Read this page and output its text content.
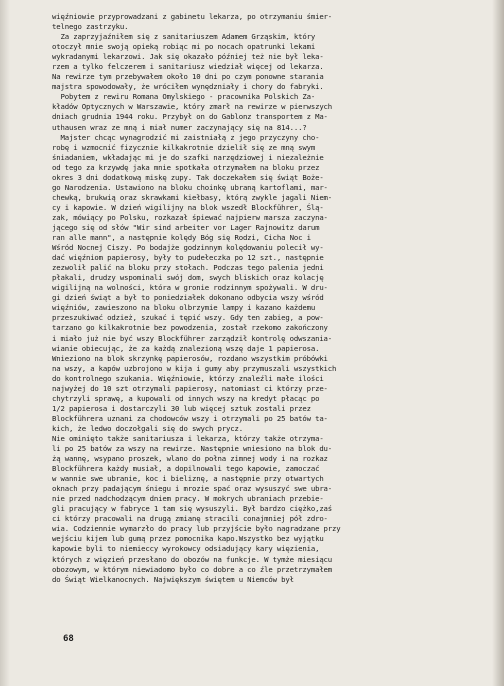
więźniowie przyprowadzani z gabinetu lekarza, po otrzymaniu śmier-
telnego zastrzyku.
Za zaprzyjaźniłem się z sanitariuszem Adamem Grząskim, który
otoczył mnie swoją opieką robiąc mi po nocach opatrunki lekami
wykradanymi lekarzowi. Jak się okazało później też nie był leka-
rzem a tylko felczerem i sanitariusz wiedział więcej od lekarza.
Na rewirze tym przebywałem około 10 dni po czym ponowne starania
majstra spowodowały, że wróciłem wynędzniały i chory do fabryki.
Pobytem z rewiru Romana Omylskiego - pracownika Polskich Za-
kładów Optycznych w Warszawie, który zmarł na rewirze w pierwszych
dniach grudnia 1944 roku. Przybył on do Gablonz transportem z Ma-
uthausen wraz ze mną i miał numer zaczynający się na 814...?
Majster chcąc wynagrodzić mi zaistniałą z jego przyczyny cho-
robę i wzmocnić fizycznie kilkakrotnie dzielił się ze mną swym
śniadaniem, wkładając mi je do szafki narzędziowej i niezależnie
od tego za krzywdę jaka mnie spotkała otrzymałem na bloku przez
okres 3 dni dodatkową miskę zupy. Tak doczekałem się świąt Boże-
go Narodzenia. Ustawiono na bloku choinkę ubraną kartoflami, mar-
chewką, brukwią oraz skrawkami kiełbasy, którą zwykle jagali Niem-
cy i kapowie. W dzień wigilijny na blok wszedł Blockführer, Ślą-
zak, mówiący po Polsku, rozkazał śpiewać najpierw marsza zaczyna-
jącego się od słów "Wir sind arbeiter vor Lager Rajnowitz darum
ran alle mann", a następnie kolędy Bóg się Rodzi, Cicha Noc i
Wśród Nocnej Ciszy. Po bodajże godzinnym kolędowaniu polecił wy-
dać więźniom papierosy, były to pudełeczka po 12 szt., następnie
zezwolił palić na bloku przy stołach. Podczas tego palenia jedni
płakali, drudzy wspominali swój dom, swych bliskich oraz kolację
wigilijną na wolności, która w gronie rodzinnym spożywali. W dru-
gi dzień świąt a był to poniedziałek dokonano odbycia wszy wśród
więźniów, zawieszono na bloku olbrzymie lampy i kazano każdemu
przeszukiwać odzież, szukać i tępić wszy. Gdy ten zabieg, a pow-
tarzano go kilkakrotnie bez powodzenia, został rzekomo zakończony
i miało już nie być wszy Blockführer zarządził kontrolę odwszania-
wianie obiecując, że za każdą znalezioną wszę daje 1 papierosa.
Wnieziono na blok skrzynkę papierosów, rozdano wszystkim próbówki
na wszy, a kapów uzbrojono w kija i gumy aby przymuszali wszystkich
do kontrolnego szukania. Więźniowie, którzy znaleźli małe ilości
najwyżej do 10 szt otrzymali papierosy, natomiast ci którzy prze-
chytrzyli sprawę, a kupowali od innych wszy na kredyt płacąc po
1/2 papierosa i dostarczyli 30 lub więcej sztuk zostali przez
Blockführera uznani za chodowców wszy i otrzymali po 25 batów ta-
kich, że ledwo doczołgali się do swych prycz.
Nie ominięto także sanitariusza i lekarza, którzy także otrzyma-
li po 25 batów za wszy na rewirze. Następnie wniesiono na blok du-
żą wannę, wsypano proszek, wlano do połna zimnej wody i na rozkaz
Blockführera każdy musiał, a dopilnowali tego kapowie, zamoczać
w wannie swe ubranie, koc i bieliznę, a następnie przy otwartych
oknach przy padającym śniegu i mrozie spać oraz wysuszyć swe ubra-
nie przed nadchodzącym dniem pracy. W mokrych ubraniach przebie-
gli pracujący w fabryce 1 tam się wysuszyli. Był bardzo ciężko,zaś
ci którzy pracowali na drugą zmianę stracili conajmniej pół zdro-
wia. Codziennie wymarzło do pracy lub przyjście było nagradzane przy
wejściu kijem lub gumą przez pomocnika kapo.Wszystko bez wyjątku
kapowie byli to niemieccy wyrokowcy odsiadujący kary więzienia,
których z więzień przesłano do obozów na funkcje. W tymże miesiącu
obozowym, w którym niewiadomo było co dobre a co źle przetrzymałem
do Świąt Wielkanocnych. Największym świętem u Niemców był
68
